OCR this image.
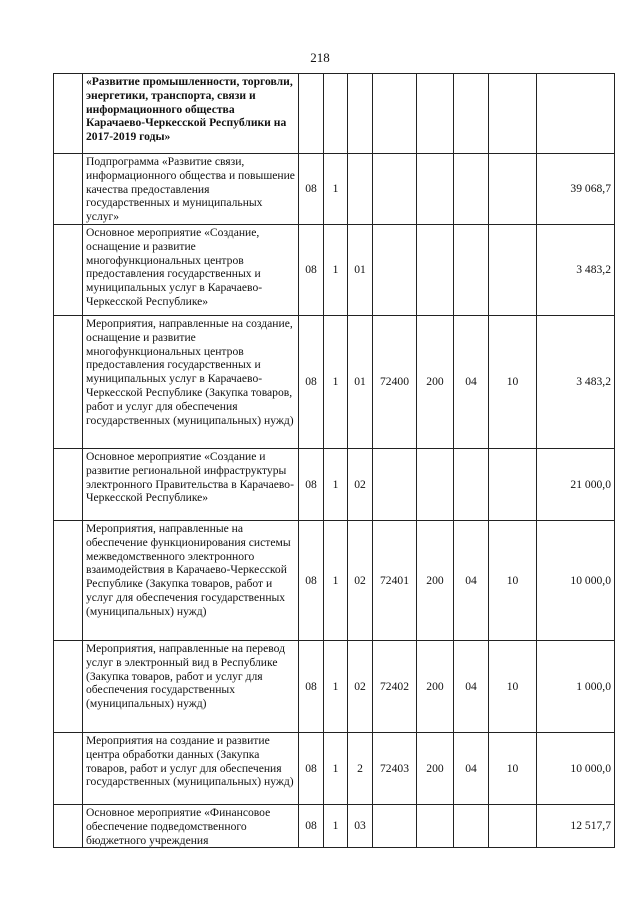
218
	«Развитие промышленности, торговли, энергетики, транспорта, связи и информационного общества Карачаево-Черкесской Республики на 2017-2019 годы»								
	Подпрограмма «Развитие связи, информационного общества и повышение качества предоставления государственных и муниципальных услуг»	08	1						39 068,7
	Основное мероприятие «Создание, оснащение и развитие многофункциональных центров предоставления государственных и муниципальных услуг в Карачаево-Черкесской Республике»	08	1	01					3 483,2
	Мероприятия, направленные на создание, оснащение и развитие многофункциональных центров предоставления государственных и муниципальных услуг в Карачаево-Черкесской Республике (Закупка товаров, работ и услуг для обеспечения государственных (муниципальных) нужд)	08	1	01	72400	200	04	10	3 483,2
	Основное мероприятие «Создание и развитие региональной инфраструктуры электронного Правительства в Карачаево-Черкесской Республике»	08	1	02					21 000,0
	Мероприятия, направленные на обеспечение функционирования системы межведомственного электронного взаимодействия в Карачаево-Черкесской Республике (Закупка товаров, работ и услуг для обеспечения государственных (муниципальных) нужд)	08	1	02	72401	200	04	10	10 000,0
	Мероприятия, направленные на перевод услуг в электронный вид в Республике (Закупка товаров, работ и услуг для обеспечения государственных (муниципальных) нужд)	08	1	02	72402	200	04	10	1 000,0
	Мероприятия на создание и развитие центра обработки данных (Закупка товаров, работ и услуг для обеспечения государственных (муниципальных) нужд)	08	1	2	72403	200	04	10	10 000,0
	Основное мероприятие «Финансовое обеспечение подведомственного бюджетного учреждения	08	1	03					12 517,7
